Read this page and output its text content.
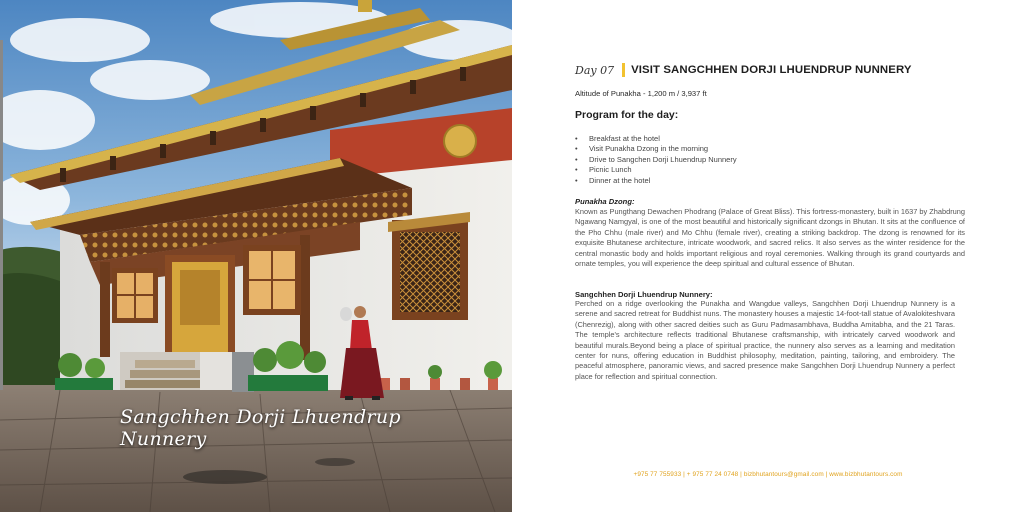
Sangchhen Dorji Lhuendrup Nunnery
Day 07 VISIT SANGCHHEN DORJI LHUENDRUP NUNNERY
Altitude of Punakha - 1,200 m / 3,937 ft
Program for the day:
•	Breakfast at the hotel
•	Visit Punakha Dzong in the morning
•	Drive to Sangchen Dorji Lhuendrup Nunnery
•	Picnic Lunch
•	Dinner at the hotel
Punakha Dzong:

Known as Pungthang Dewachen Phodrang (Palace of Great Bliss). This fortress-monastery, built in 1637 by Zhabdrung Ngawang Namgyal, is one of the most beautiful and historically significant dzongs in Bhutan. It sits at the confluence of the Pho Chhu (male river) and Mo Chhu (female river), creating a striking backdrop. The dzong is renowned for its exquisite Bhutanese architecture, intricate woodwork, and sacred relics. It also serves as the winter residence for the central monastic body and holds important religious and royal ceremonies. Walking through its grand courtyards and ornate temples, you will experience the deep spiritual and cultural essence of Bhutan.

Sangchhen Dorji Lhuendrup Nunnery:

Perched on a ridge overlooking the Punakha and Wangdue valleys, Sangchhen Dorji Lhuendrup Nunnery is a serene and sacred retreat for Buddhist nuns. The monastery houses a majestic 14-foot-tall statue of Avalokiteshvara (Chenrezig), along with other sacred deities such as Guru Padmasambhava, Buddha Amitabha, and the 21 Taras. The temple's architecture reflects traditional Bhutanese craftsmanship, with intricately carved woodwork and beautiful murals.Beyond being a place of spiritual practice, the nunnery also serves as a learning and meditation center for nuns, offering education in Buddhist philosophy, meditation, painting, tailoring, and embroidery. The peaceful atmosphere, panoramic views, and sacred presence make Sangchhen Dorji Lhuendrup Nunnery a perfect place for reflection and spiritual connection.

+975 77 755933 | + 975 77 24 0748 | bizbhutantours@gmail.com | www.bizbhutantours.com
